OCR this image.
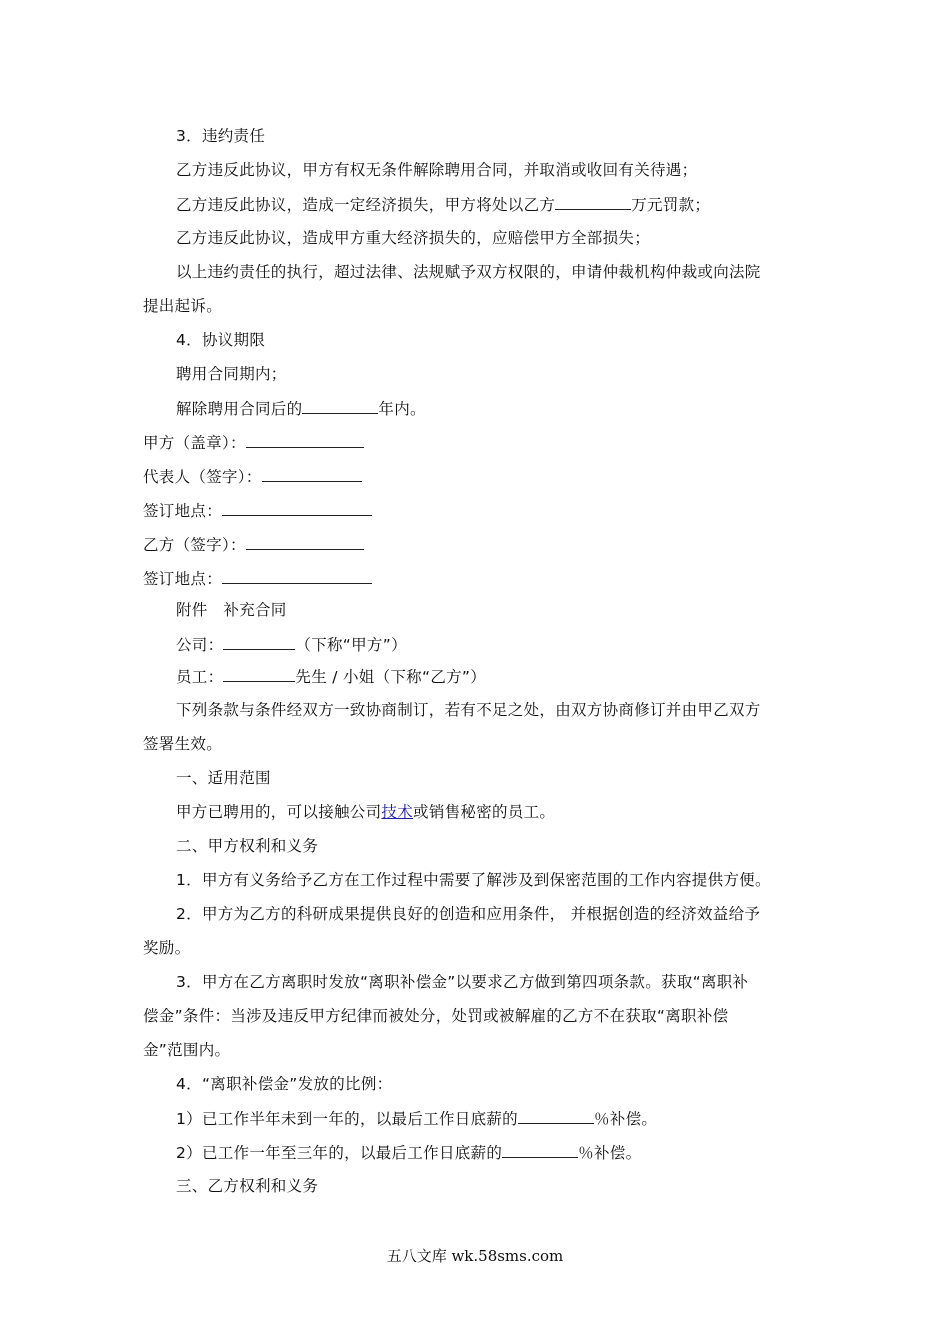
3．违约责任
乙方违反此协议，甲方有权无条件解除聘用合同，并取消或收回有关待遇；
乙方违反此协议，造成一定经济损失，甲方将处以乙方	万元罚款；
乙方违反此协议，造成甲方重大经济损失的，应赔偿甲方全部损失；
以上违约责任的执行，超过法律、法规赋予双方权限的，申请仲裁机构仲裁或向法院
提出起诉。
4．协议期限
聘用合同期内；
解除聘用合同后的	年内。
甲方（盖章）：
代表人（签字）：
签订地点：
乙方（签字）：
签订地点：
附件　补充合同
公司：	（下称“甲方”）
员工：	先生 / 小姐（下称“乙方”）
下列条款与条件经双方一致协商制订，若有不足之处，由双方协商修订并由甲乙双方
签署生效。
一、适用范围
甲方已聘用的，可以接触公司技术或销售秘密的员工。
二、甲方权利和义务
1．甲方有义务给予乙方在工作过程中需要了解涉及到保密范围的工作内容提供方便。
2．甲方为乙方的科研成果提供良好的创造和应用条件， 并根据创造的经济效益给予
奖励。
3．甲方在乙方离职时发放“离职补偿金”以要求乙方做到第四项条款。获取“离职补
偿金”条件：当涉及违反甲方纪律而被处分，处罚或被解雇的乙方不在获取“离职补偿
金”范围内。
4．“离职补偿金”发放的比例：
1）已工作半年未到一年的，以最后工作日底薪的	％补偿。
2）已工作一年至三年的，以最后工作日底薪的	％补偿。
三、乙方权利和义务
五八文库 wk.58sms.com
